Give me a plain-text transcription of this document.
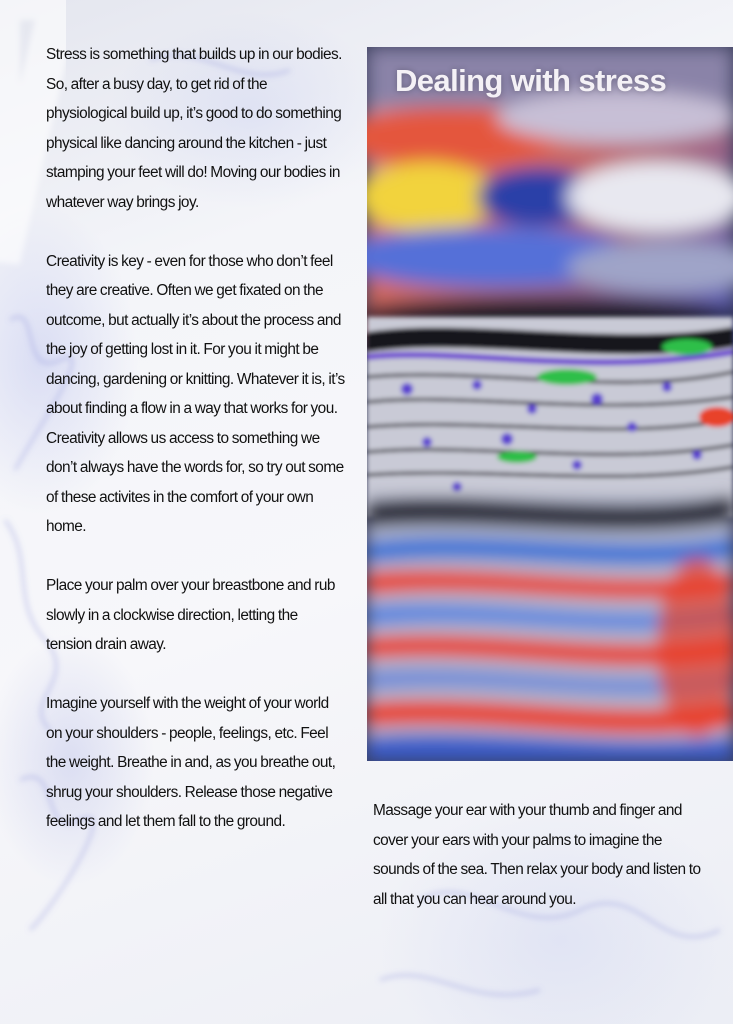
Stress is something that builds up in our bodies. So, after a busy day, to get rid of the physiological build up, it’s good to do something physical like dancing around the kitchen - just stamping your feet will do! Moving our bodies in whatever way brings joy.

Creativity is key - even for those who don’t feel they are creative. Often we get fixated on the outcome, but actually it’s about the process and the joy of getting lost in it. For you it might be dancing, gardening or knitting. Whatever it is, it’s about finding a flow in a way that works for you. Creativity allows us access to something we don’t always have the words for, so try out some of these activites in the comfort of your own home.

Place your palm over your breastbone and rub slowly in a clockwise direction, letting the tension drain away.

Imagine yourself with the weight of your world on your shoulders - people, feelings, etc. Feel the weight. Breathe in and, as you breathe out, shrug your shoulders. Release those negative feelings and let them fall to the ground.

Dealing with stress

Massage your ear with your thumb and finger and cover your ears with your palms to imagine the sounds of the sea. Then relax your body and listen to all that you can hear around you.
